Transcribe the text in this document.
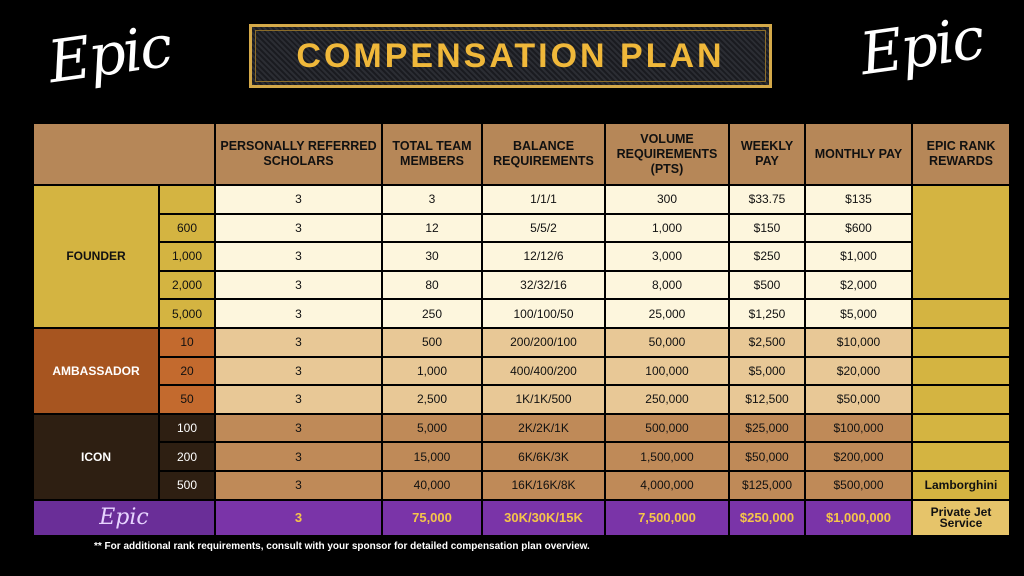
Epic	Epic
COMPENSATION PLAN
		PERSONALLY REFERRED SCHOLARS	TOTAL TEAM MEMBERS	BALANCE REQUIREMENTS	VOLUME REQUIREMENTS (PTS)	WEEKLY PAY	MONTHLY PAY	EPIC RANK REWARDS
FOUNDER		3	3	1/1/1	300	$33.75	$135	
	600	3	12	5/5/2	1,000	$150	$600	
	1,000	3	30	12/12/6	3,000	$250	$1,000	
	2,000	3	80	32/32/16	8,000	$500	$2,000	
	5,000	3	250	100/100/50	25,000	$1,250	$5,000	
AMBASSADOR	10	3	500	200/200/100	50,000	$2,500	$10,000	
	20	3	1,000	400/400/200	100,000	$5,000	$20,000	
	50	3	2,500	1K/1K/500	250,000	$12,500	$50,000	
ICON	100	3	5,000	2K/2K/1K	500,000	$25,000	$100,000	
	200	3	15,000	6K/6K/3K	1,500,000	$50,000	$200,000	
	500	3	40,000	16K/16K/8K	4,000,000	$125,000	$500,000	Lamborghini
Epic		3	75,000	30K/30K/15K	7,500,000	$250,000	$1,000,000	Private Jet Service
** For additional rank requirements, consult with your sponsor for detailed compensation plan overview.
